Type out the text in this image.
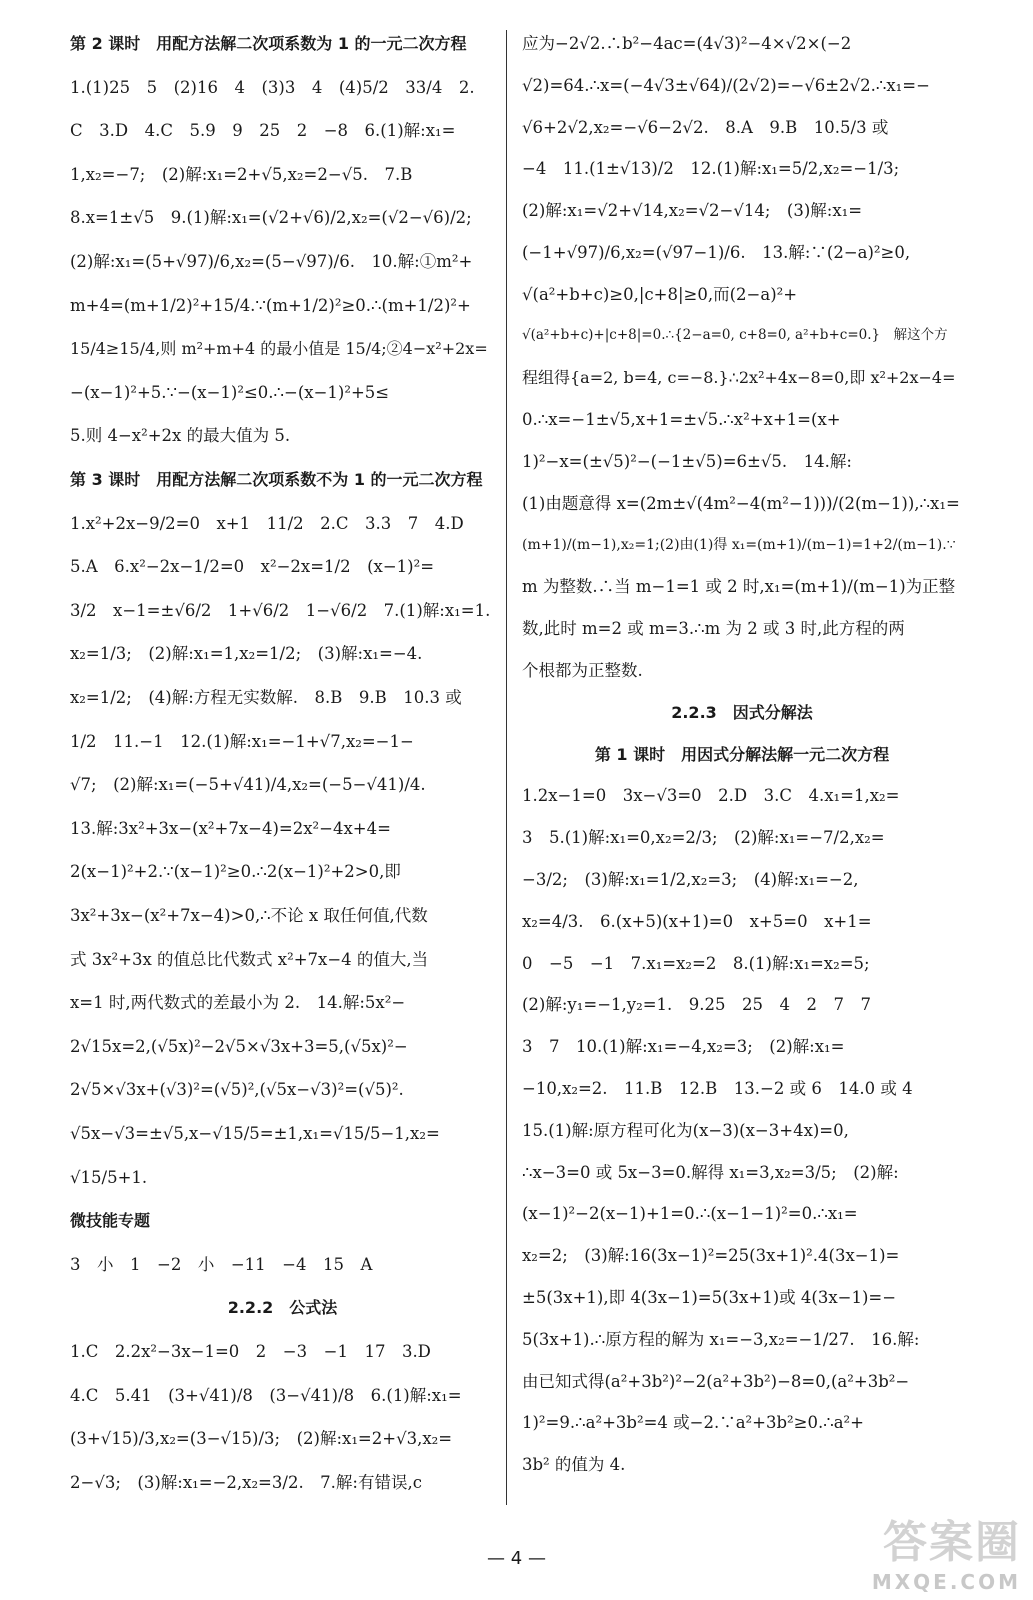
第 2 课时　用配方法解二次项系数为 1 的一元二次方程
1.(1)25　5　(2)16　4　(3)3　4　(4)5/2　33/4　2.
C　3.D　4.C　5.9　9　25　2　−8　6.(1)解:x₁=
1,x₂=−7;　(2)解:x₁=2+√5,x₂=2−√5.　7.B
8.x=1±√5　9.(1)解:x₁=(√2+√6)/2,x₂=(√2−√6)/2;
(2)解:x₁=(5+√97)/6,x₂=(5−√97)/6.　10.解:①m²+
m+4=(m+1/2)²+15/4.∵(m+1/2)²≥0.∴(m+1/2)²+
15/4≥15/4,则 m²+m+4 的最小值是 15/4;②4−x²+2x=
−(x−1)²+5.∵−(x−1)²≤0.∴−(x−1)²+5≤
5.则 4−x²+2x 的最大值为 5.
第 3 课时　用配方法解二次项系数不为 1 的一元二次方程
1.x²+2x−9/2=0　x+1　11/2　2.C　3.3　7　4.D
5.A　6.x²−2x−1/2=0　x²−2x=1/2　(x−1)²=
3/2　x−1=±√6/2　1+√6/2　1−√6/2　7.(1)解:x₁=1.
x₂=1/3;　(2)解:x₁=1,x₂=1/2;　(3)解:x₁=−4.
x₂=1/2;　(4)解:方程无实数解.　8.B　9.B　10.3 或
1/2　11.−1　12.(1)解:x₁=−1+√7,x₂=−1−
√7;　(2)解:x₁=(−5+√41)/4,x₂=(−5−√41)/4.
13.解:3x²+3x−(x²+7x−4)=2x²−4x+4=
2(x−1)²+2.∵(x−1)²≥0.∴2(x−1)²+2>0,即
3x²+3x−(x²+7x−4)>0,∴不论 x 取任何值,代数
式 3x²+3x 的值总比代数式 x²+7x−4 的值大,当
x=1 时,两代数式的差最小为 2.　14.解:5x²−
2√15x=2,(√5x)²−2√5×√3x+3=5,(√5x)²−
2√5×√3x+(√3)²=(√5)²,(√5x−√3)²=(√5)².
√5x−√3=±√5,x−√15/5=±1,x₁=√15/5−1,x₂=
√15/5+1.
微技能专题
3　小　1　−2　小　−11　−4　15　A
2.2.2　公式法
1.C　2.2x²−3x−1=0　2　−3　−1　17　3.D
4.C　5.41　(3+√41)/8　(3−√41)/8　6.(1)解:x₁=
(3+√15)/3,x₂=(3−√15)/3;　(2)解:x₁=2+√3,x₂=
2−√3;　(3)解:x₁=−2,x₂=3/2.　7.解:有错误,c
应为−2√2.∴b²−4ac=(4√3)²−4×√2×(−2
√2)=64.∴x=(−4√3±√64)/(2√2)=−√6±2√2.∴x₁=−
√6+2√2,x₂=−√6−2√2.　8.A　9.B　10.5/3 或
−4　11.(1±√13)/2　12.(1)解:x₁=5/2,x₂=−1/3;
(2)解:x₁=√2+√14,x₂=√2−√14;　(3)解:x₁=
(−1+√97)/6,x₂=(√97−1)/6.　13.解:∵(2−a)²≥0,
√(a²+b+c)≥0,|c+8|≥0,而(2−a)²+
√(a²+b+c)+|c+8|=0.∴{2−a=0, c+8=0, a²+b+c=0.}　解这个方
程组得{a=2, b=4, c=−8.}∴2x²+4x−8=0,即 x²+2x−4=
0.∴x=−1±√5,x+1=±√5.∴x²+x+1=(x+
1)²−x=(±√5)²−(−1±√5)=6±√5.　14.解:
(1)由题意得 x=(2m±√(4m²−4(m²−1)))/(2(m−1)),∴x₁=
(m+1)/(m−1),x₂=1;(2)由(1)得 x₁=(m+1)/(m−1)=1+2/(m−1).∵
m 为整数.∴当 m−1=1 或 2 时,x₁=(m+1)/(m−1)为正整
数,此时 m=2 或 m=3.∴m 为 2 或 3 时,此方程的两
个根都为正整数.
2.2.3　因式分解法
第 1 课时　用因式分解法解一元二次方程
1.2x−1=0　3x−√3=0　2.D　3.C　4.x₁=1,x₂=
3　5.(1)解:x₁=0,x₂=2/3;　(2)解:x₁=−7/2,x₂=
−3/2;　(3)解:x₁=1/2,x₂=3;　(4)解:x₁=−2,
x₂=4/3.　6.(x+5)(x+1)=0　x+5=0　x+1=
0　−5　−1　7.x₁=x₂=2　8.(1)解:x₁=x₂=5;
(2)解:y₁=−1,y₂=1.　9.25　25　4　2　7　7
3　7　10.(1)解:x₁=−4,x₂=3;　(2)解:x₁=
−10,x₂=2.　11.B　12.B　13.−2 或 6　14.0 或 4
15.(1)解:原方程可化为(x−3)(x−3+4x)=0,
∴x−3=0 或 5x−3=0.解得 x₁=3,x₂=3/5;　(2)解:
(x−1)²−2(x−1)+1=0.∴(x−1−1)²=0.∴x₁=
x₂=2;　(3)解:16(3x−1)²=25(3x+1)².4(3x−1)=
±5(3x+1),即 4(3x−1)=5(3x+1)或 4(3x−1)=−
5(3x+1).∴原方程的解为 x₁=−3,x₂=−1/27.　16.解:
由已知式得(a²+3b²)²−2(a²+3b²)−8=0,(a²+3b²−
1)²=9.∴a²+3b²=4 或−2.∵a²+3b²≥0.∴a²+
3b² 的值为 4.
— 4 —	答案圈
MXQE.COM
